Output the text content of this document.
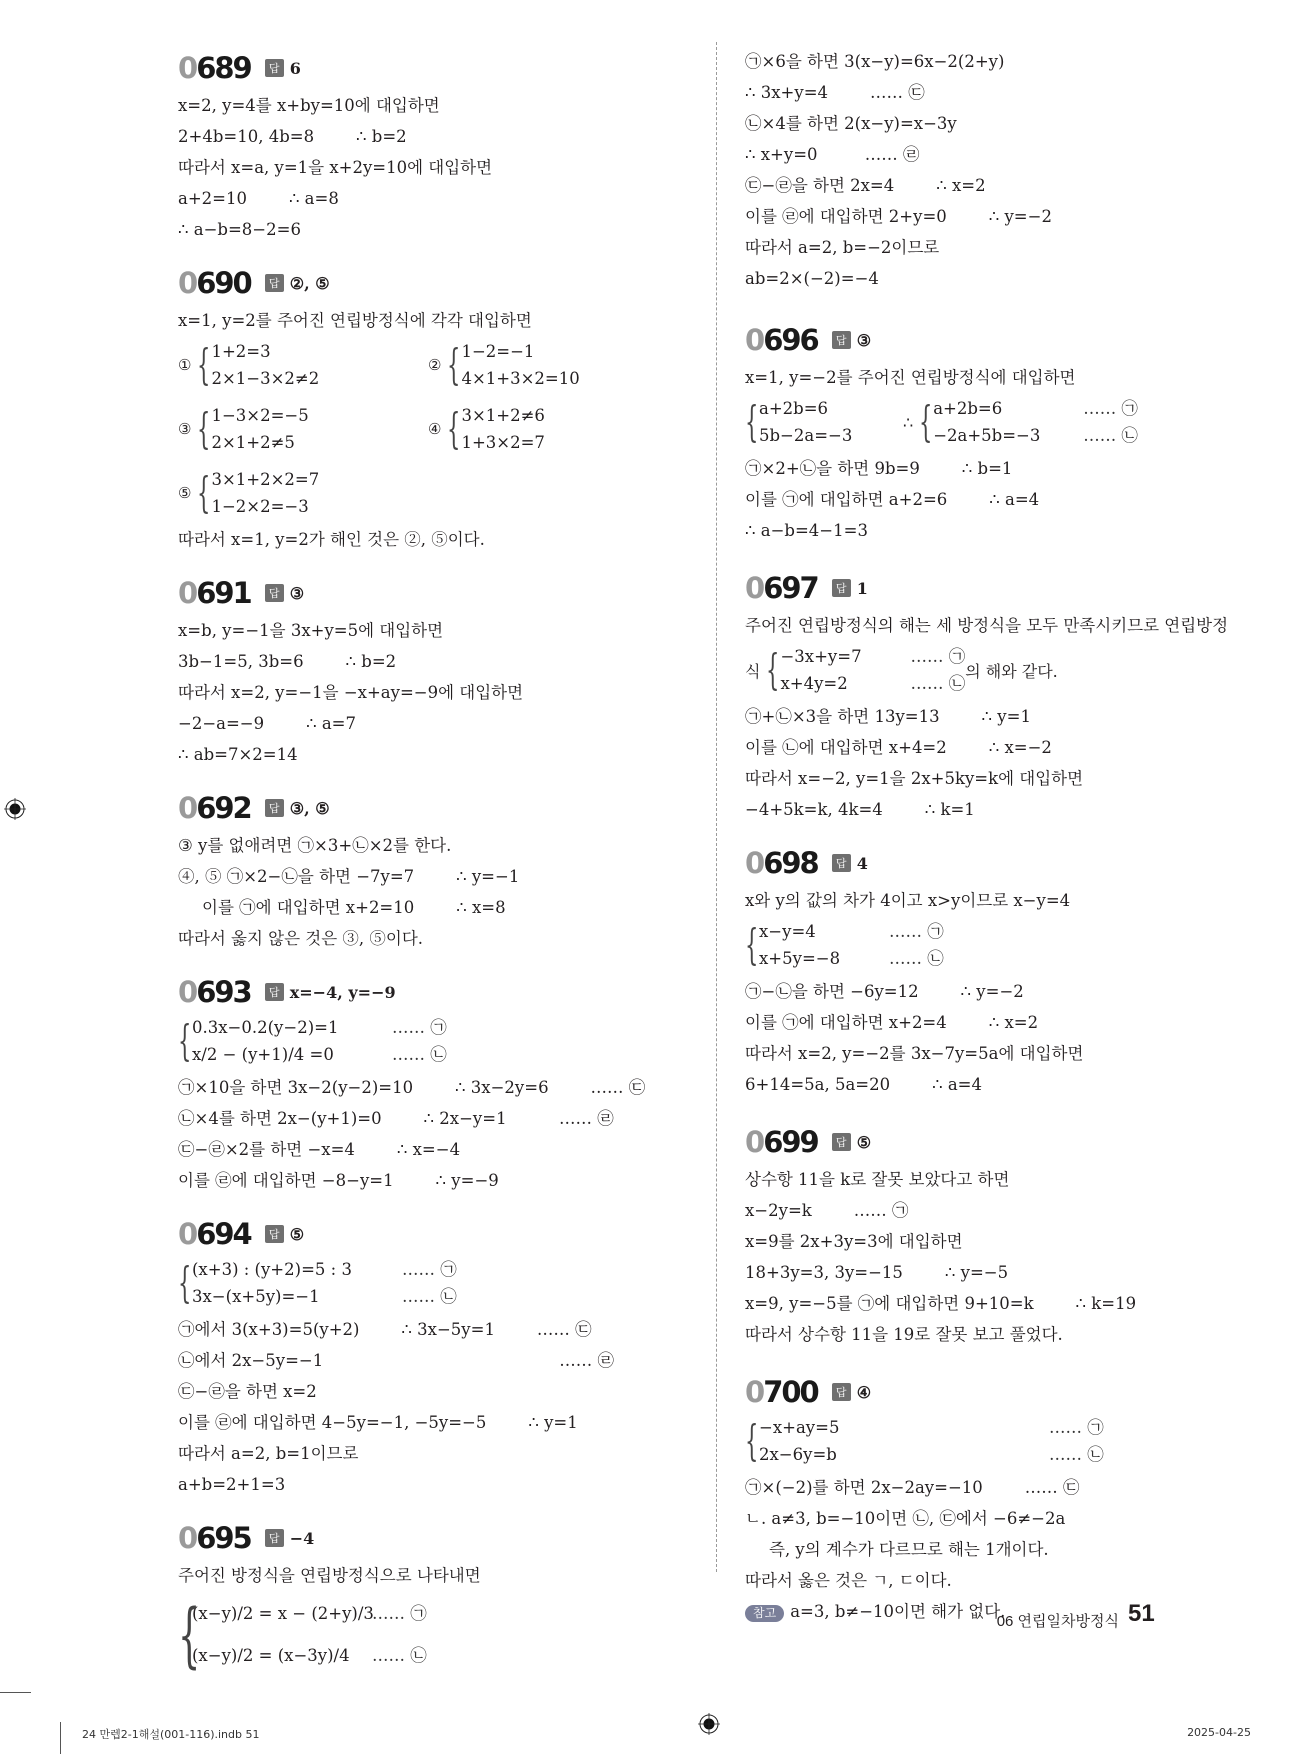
0689	답 6
x=2, y=4를 x+by=10에 대입하면
2+4b=10, 4b=8        ∴ b=2
따라서 x=a, y=1을 x+2y=10에 대입하면
a+2=10        ∴ a=8
∴ a−b=8−2=6
0690	답 ②, ⑤
x=1, y=2를 주어진 연립방정식에 각각 대입하면
① { 1+2=3
2×1−3×2≠2
② { 1−2=−1
4×1+3×2=10
③ { 1−3×2=−5
2×1+2≠5
④ { 3×1+2≠6
1+3×2=7
⑤ { 3×1+2×2=7
1−2×2=−3
따라서 x=1, y=2가 해인 것은 ②, ⑤이다.
0691	답 ③
x=b, y=−1을 3x+y=5에 대입하면
3b−1=5, 3b=6        ∴ b=2
따라서 x=2, y=−1을 −x+ay=−9에 대입하면
−2−a=−9        ∴ a=7
∴ ab=7×2=14
0692	답 ③, ⑤
③ y를 없애려면 ㉠×3+㉡×2를 한다.
④, ⑤ ㉠×2−㉡을 하면 −7y=7        ∴ y=−1
이를 ㉠에 대입하면 x+2=10        ∴ x=8
따라서 옳지 않은 것은 ③, ⑤이다.
0693	답 x=−4, y=−9
{ 0.3x−0.2(y−2)=1	…… ㉠
x/2 − (y+1)/4 =0	…… ㉡
㉠×10을 하면 3x−2(y−2)=10        ∴ 3x−2y=6        …… ㉢
㉡×4를 하면 2x−(y+1)=0        ∴ 2x−y=1          …… ㉣
㉢−㉣×2를 하면 −x=4        ∴ x=−4
이를 ㉣에 대입하면 −8−y=1        ∴ y=−9
0694	답 ⑤
{ (x+3) : (y+2)=5 : 3	…… ㉠
3x−(x+5y)=−1	…… ㉡
㉠에서 3(x+3)=5(y+2)        ∴ 3x−5y=1        …… ㉢
㉡에서 2x−5y=−1                                             …… ㉣
㉢−㉣을 하면 x=2
이를 ㉣에 대입하면 4−5y=−1, −5y=−5        ∴ y=1
따라서 a=2, b=1이므로
a+b=2+1=3
0695	답 −4
주어진 방정식을 연립방정식으로 나타내면
{
(x−y)/2 = x − (2+y)/3…… ㉠
(x−y)/2 = (x−3y)/4 …… ㉡
㉠×6을 하면 3(x−y)=6x−2(2+y)
∴ 3x+y=4        …… ㉢
㉡×4를 하면 2(x−y)=x−3y
∴ x+y=0         …… ㉣
㉢−㉣을 하면 2x=4        ∴ x=2
이를 ㉣에 대입하면 2+y=0        ∴ y=−2
따라서 a=2, b=−2이므로
ab=2×(−2)=−4
0696	답 ③
x=1, y=−2를 주어진 연립방정식에 대입하면
{ a+2b=6
5b−2a=−3
∴ { a+2b=6	…… ㉠
−2a+5b=−3	…… ㉡
㉠×2+㉡을 하면 9b=9        ∴ b=1
이를 ㉠에 대입하면 a+2=6        ∴ a=4
∴ a−b=4−1=3
0697	답 1
주어진 연립방정식의 해는 세 방정식을 모두 만족시키므로 연립방정
식 { −3x+y=7	…… ㉠
x+4y=2	…… ㉡
의 해와 같다.
㉠+㉡×3을 하면 13y=13        ∴ y=1
이를 ㉡에 대입하면 x+4=2        ∴ x=−2
따라서 x=−2, y=1을 2x+5ky=k에 대입하면
−4+5k=k, 4k=4        ∴ k=1
0698	답 4
x와 y의 값의 차가 4이고 x>y이므로 x−y=4
{ x−y=4	…… ㉠
x+5y=−8	…… ㉡
㉠−㉡을 하면 −6y=12        ∴ y=−2
이를 ㉠에 대입하면 x+2=4        ∴ x=2
따라서 x=2, y=−2를 3x−7y=5a에 대입하면
6+14=5a, 5a=20        ∴ a=4
0699	답 ⑤
상수항 11을 k로 잘못 보았다고 하면
x−2y=k        …… ㉠
x=9를 2x+3y=3에 대입하면
18+3y=3, 3y=−15        ∴ y=−5
x=9, y=−5를 ㉠에 대입하면 9+10=k        ∴ k=19
따라서 상수항 11을 19로 잘못 보고 풀었다.
0700	답 ④
{ −x+ay=5	…… ㉠
2x−6y=b	…… ㉡
㉠×(−2)를 하면 2x−2ay=−10        …… ㉢
ㄴ. a≠3, b=−10이면 ㉡, ㉢에서 −6≠−2a
즉, y의 계수가 다르므로 해는 1개이다.
따라서 옳은 것은 ㄱ, ㄷ이다.
참고 a=3, b≠−10이면 해가 없다.
06 연립일차방정식 51
24 만렙2-1해설(001-116).indb 51	2025-04-25
